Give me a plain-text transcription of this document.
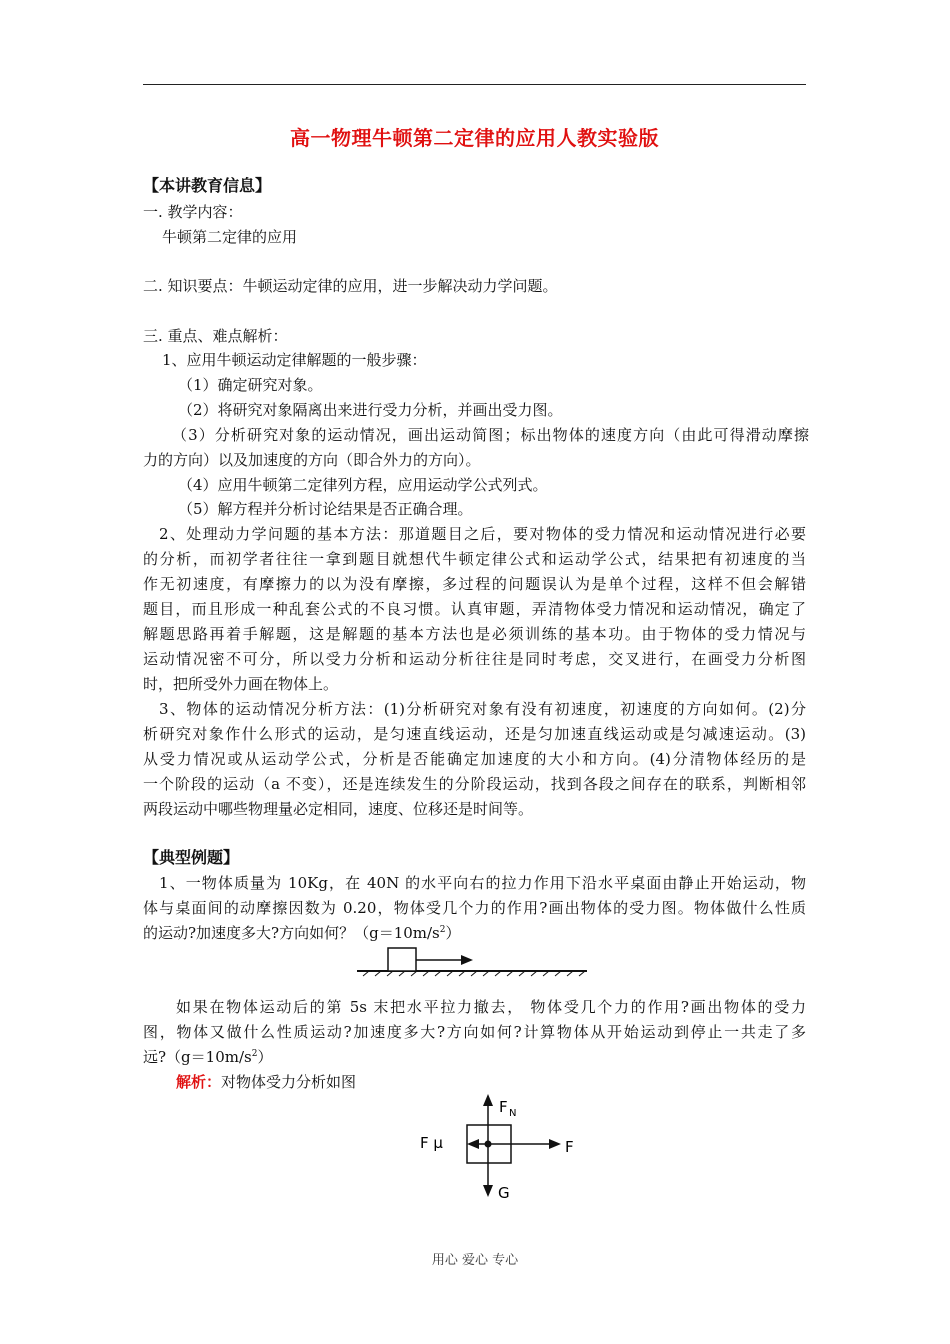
高一物理牛顿第二定律的应用人教实验版
【本讲教育信息】
一. 教学内容：
牛顿第二定律的应用
二. 知识要点：牛顿运动定律的应用，进一步解决动力学问题。
三. 重点、难点解析：
1、应用牛顿运动定律解题的一般步骤：
（1）确定研究对象。
（2）将研究对象隔离出来进行受力分析，并画出受力图。
（3）分析研究对象的运动情况，画出运动简图；标出物体的速度方向（由此可得滑动摩擦
力的方向）以及加速度的方向（即合外力的方向）。
（4）应用牛顿第二定律列方程，应用运动学公式列式。
（5）解方程并分析讨论结果是否正确合理。
2、处理动力学问题的基本方法：那道题目之后，要对物体的受力情况和运动情况进行必要
的分析，而初学者往往一拿到题目就想代牛顿定律公式和运动学公式，结果把有初速度的当
作无初速度，有摩擦力的以为没有摩擦，多过程的问题误认为是单个过程，这样不但会解错
题目，而且形成一种乱套公式的不良习惯。认真审题，弄清物体受力情况和运动情况，确定了
解题思路再着手解题，这是解题的基本方法也是必须训练的基本功。由于物体的受力情况与
运动情况密不可分，所以受力分析和运动分析往往是同时考虑，交叉进行，在画受力分析图
时，把所受外力画在物体上。
3、物体的运动情况分析方法：(1)分析研究对象有没有初速度，初速度的方向如何。(2)分
析研究对象作什么形式的运动，是匀速直线运动，还是匀加速直线运动或是匀减速运动。(3)
从受力情况或从运动学公式，分析是否能确定加速度的大小和方向。(4)分清物体经历的是
一个阶段的运动（a 不变），还是连续发生的分阶段运动，找到各段之间存在的联系，判断相邻
两段运动中哪些物理量必定相同，速度、位移还是时间等。
【典型例题】
1、一物体质量为 10Kg，在 40N 的水平向右的拉力作用下沿水平桌面由静止开始运动，物
体与桌面间的动摩擦因数为 0.20，物体受几个力的作用?画出物体的受力图。物体做什么性质
的运动?加速度多大?方向如何？$(g=10m/s^2)$
如果在物体运动后的第 5s 末把水平拉力撤去， 物体受几个力的作用?画出物体的受力
图，物体又做什么性质运动?加速度多大?方向如何?计算物体从开始运动到停止一共走了多
远$?(g=10m/s^2)$
解析：对物体受力分析如图
F N
F μ	F
G
用心 爱心 专心
